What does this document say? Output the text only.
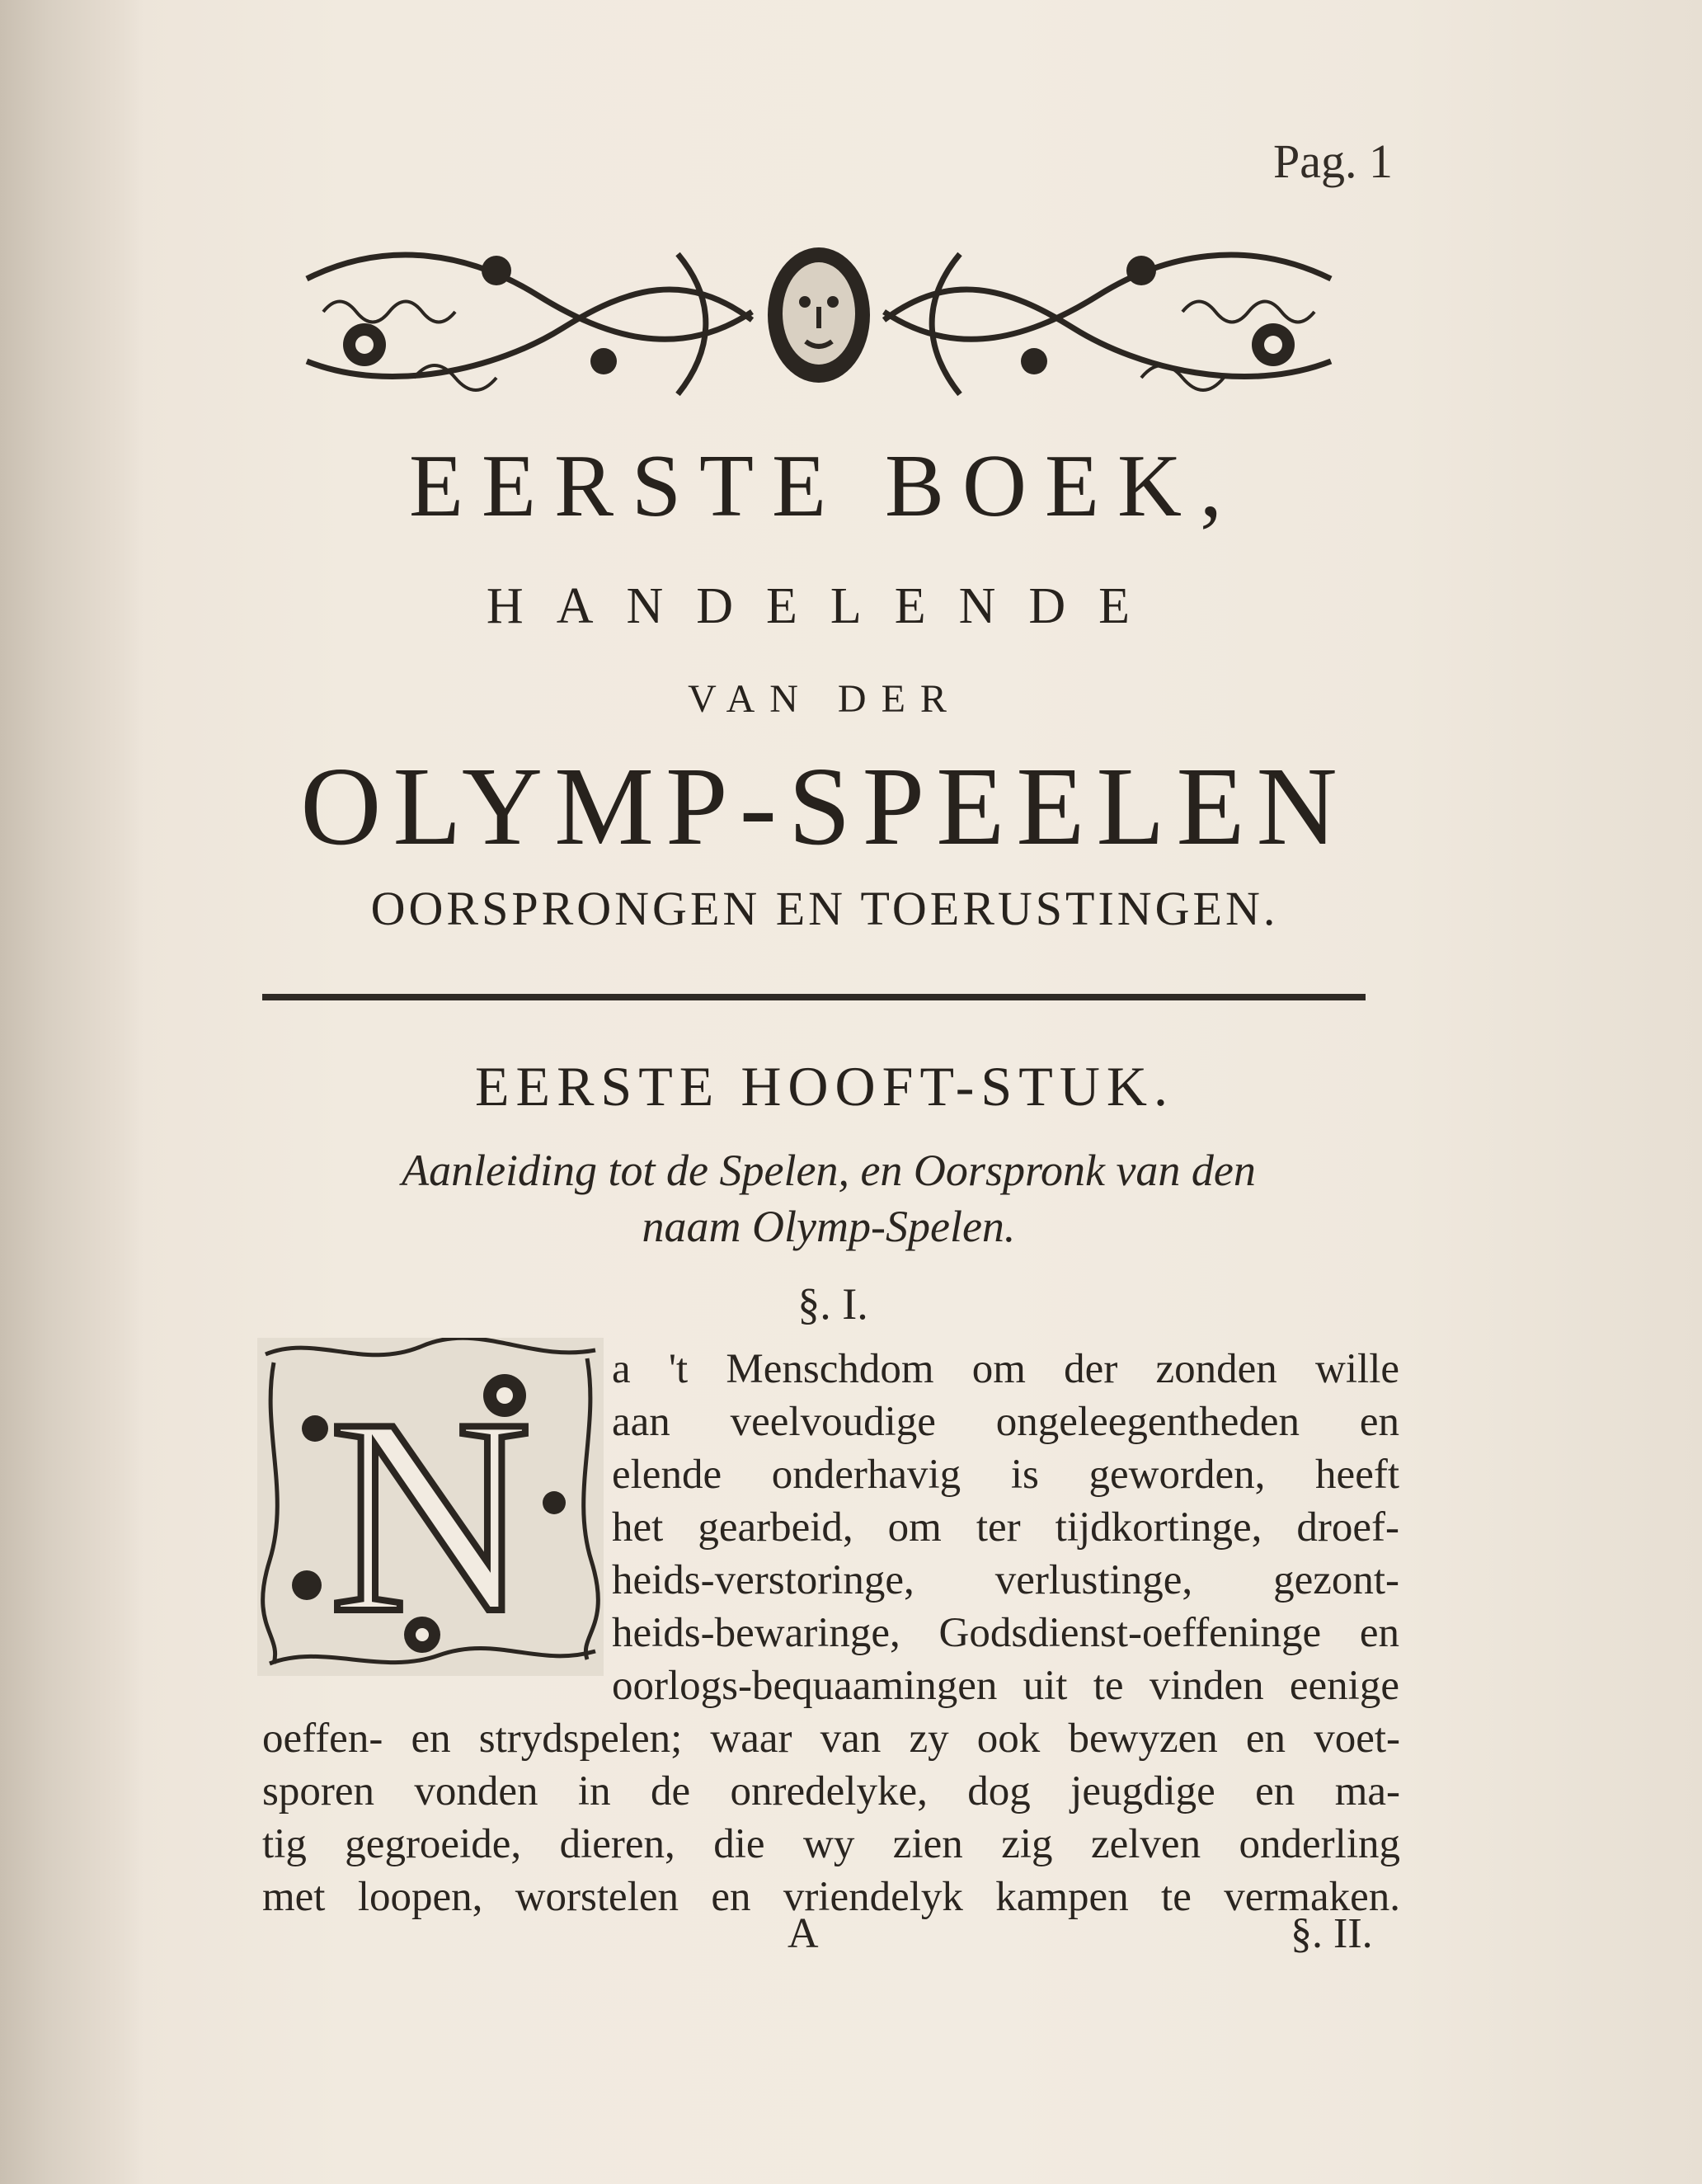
Pag. 1
EERSTE BOEK,
HANDELENDE
VAN DER
OLYMP-SPEELEN
OORSPRONGEN EN TOERUSTINGEN.
EERSTE HOOFT-STUK.
Aanleiding tot de Spelen, en Oorspronk van den
naam Olymp-Spelen.
§. I.
N a 't Menschdom om der zonden wille
aan veelvoudige ongeleegentheden en
elende onderhavig is geworden, heeft
het gearbeid, om ter tijdkortinge, droef-
heids-verstoringe, verlustinge, gezont-
heids-bewaringe, Godsdienst-oeffeninge en
oorlogs-bequaamingen uit te vinden eenige
oeffen- en strydspelen; waar van zy ook bewyzen en voet-
sporen vonden in de onredelyke, dog jeugdige en ma-
tig gegroeide, dieren, die wy zien zig zelven onderling
met loopen, worstelen en vriendelyk kampen te vermaken.
A	§. II.
